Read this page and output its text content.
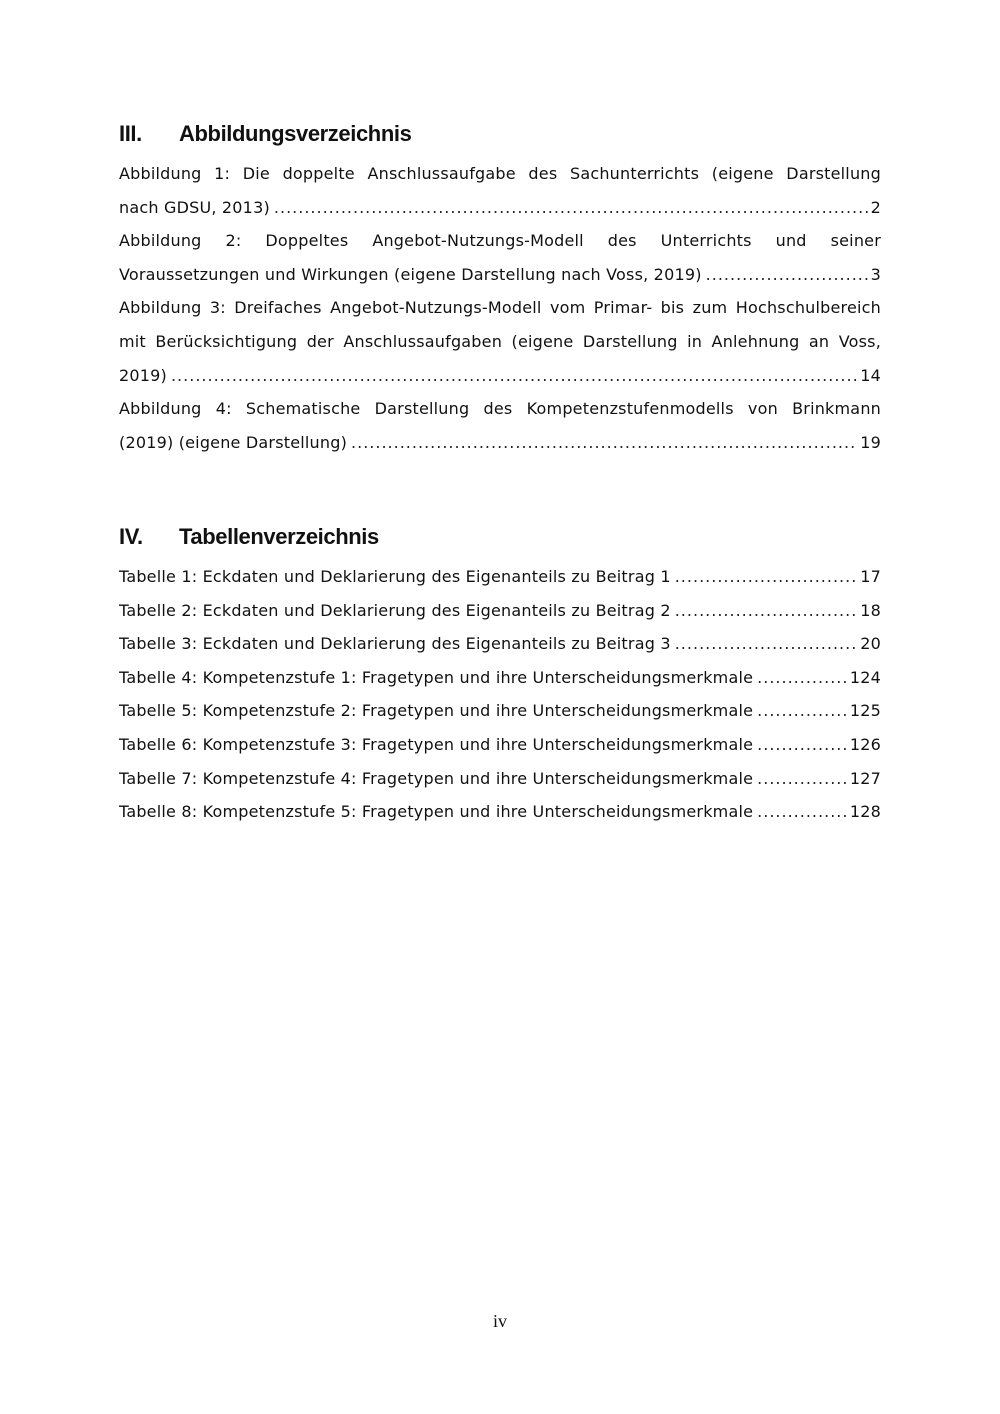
III. Abbildungsverzeichnis
Abbildung 1: Die doppelte Anschlussaufgabe des Sachunterrichts (eigene Darstellung
nach GDSU, 2013) .....	2
Abbildung 2: Doppeltes Angebot-Nutzungs-Modell des Unterrichts und seiner
Voraussetzungen und Wirkungen (eigene Darstellung nach Voss, 2019) .....	3
Abbildung 3: Dreifaches Angebot-Nutzungs-Modell vom Primar- bis zum Hochschulbereich
mit Berücksichtigung der Anschlussaufgaben (eigene Darstellung in Anlehnung an Voss,
2019) .....	14
Abbildung 4: Schematische Darstellung des Kompetenzstufenmodells von Brinkmann
(2019) (eigene Darstellung) .....	19
IV. Tabellenverzeichnis
Tabelle 1: Eckdaten und Deklarierung des Eigenanteils zu Beitrag 1 .....	17
Tabelle 2: Eckdaten und Deklarierung des Eigenanteils zu Beitrag 2 .....	18
Tabelle 3: Eckdaten und Deklarierung des Eigenanteils zu Beitrag 3 .....	20
Tabelle 4: Kompetenzstufe 1: Fragetypen und ihre Unterscheidungsmerkmale .....	124
Tabelle 5: Kompetenzstufe 2: Fragetypen und ihre Unterscheidungsmerkmale .....	125
Tabelle 6: Kompetenzstufe 3: Fragetypen und ihre Unterscheidungsmerkmale .....	126
Tabelle 7: Kompetenzstufe 4: Fragetypen und ihre Unterscheidungsmerkmale .....	127
Tabelle 8: Kompetenzstufe 5: Fragetypen und ihre Unterscheidungsmerkmale .....	128
iv
